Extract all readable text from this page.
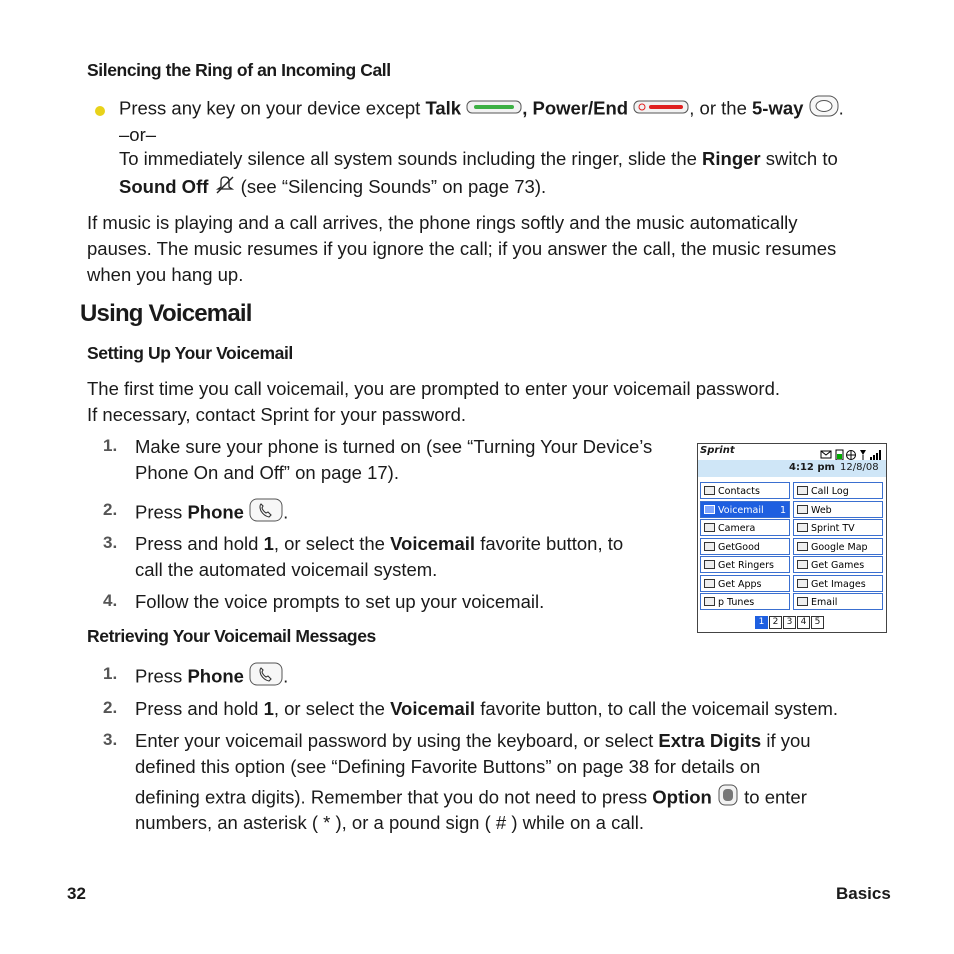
Silencing the Ring of an Incoming Call
Press any key on your device except Talk	, Power/End	, or the 5-way .
–or–
To immediately silence all system sounds including the ringer, slide the Ringer switch to
Sound Off  (see “Silencing Sounds” on page 73).
If music is playing and a call arrives, the phone rings softly and the music automatically
pauses. The music resumes if you ignore the call; if you answer the call, the music resumes
when you hang up.
Using Voicemail
Setting Up Your Voicemail
The first time you call voicemail, you are prompted to enter your voicemail password.
If necessary, contact Sprint for your password.
1. Make sure your phone is turned on (see “Turning Your Device’s
Phone On and Off” on page 17).
2. Press Phone .
3. Press and hold 1, or select the Voicemail favorite button, to
call the automated voicemail system.
4. Follow the voice prompts to set up your voicemail.
Retrieving Your Voicemail Messages
1. Press Phone .
2. Press and hold 1, or select the Voicemail favorite button, to call the voicemail system.
3. Enter your voicemail password by using the keyboard, or select Extra Digits if you
defined this option (see “Defining Favorite Buttons” on page 38 for details on
defining extra digits). Remember that you do not need to press Option  to enter
numbers, an asterisk ( * ), or a pound sign ( # ) while on a call.
Sprint
4:12 pm 12/8/08
Contacts	Call Log
Voicemail 1	Web
Camera	Sprint TV
GetGood	Google Map
Get Ringers	Get Games
Get Apps	Get Images
p Tunes	Email
1 2 3 4 5
32	Basics
